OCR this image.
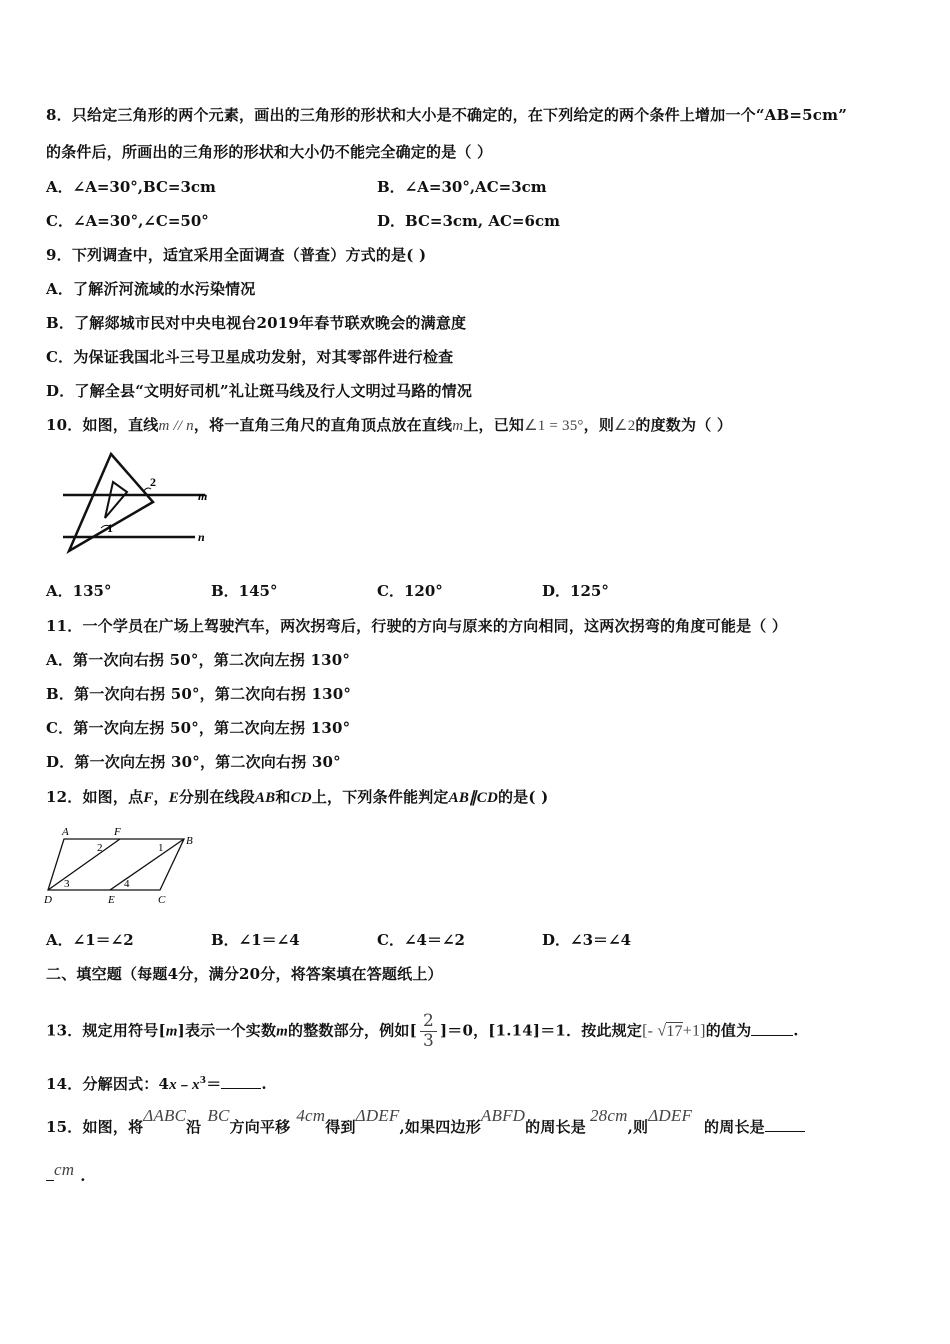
8．只给定三角形的两个元素，画出的三角形的形状和大小是不确定的，在下列给定的两个条件上增加一个“AB=5cm”
的条件后，所画出的三角形的形状和大小仍不能完全确定的是（ ）
A．∠A=30°,BC=3cm	B．∠A=30°,AC=3cm
C．∠A=30°,∠C=50°	D．BC=3cm, AC=6cm
9．下列调查中，适宜采用全面调查（普查）方式的是( )
A．了解沂河流域的水污染情况
B．了解郯城市民对中央电视台2019年春节联欢晚会的满意度
C．为保证我国北斗三号卫星成功发射，对其零部件进行检查
D．了解全县“文明好司机”礼让斑马线及行人文明过马路的情况
10．如图，直线m // n，将一直角三角尺的直角顶点放在直线m上，已知∠1 = 35°，则∠2的度数为（ ）
2
1
m
n
A．135°	B．145°	C．120°	D．125°
11．一个学员在广场上驾驶汽车，两次拐弯后，行驶的方向与原来的方向相同，这两次拐弯的角度可能是（ ）
A．第一次向右拐 50°，第二次向左拐 130°
B．第一次向右拐 50°，第二次向右拐 130°
C．第一次向左拐 50°，第二次向左拐 130°
D．第一次向左拐 30°，第二次向右拐 30°
12．如图，点F，E分别在线段AB和CD上，下列条件能判定AB∥CD的是( )
A	F
B
D	E	C
2	1
3	4
A．∠1＝∠2	B．∠1＝∠4	C．∠4＝∠2	D．∠3＝∠4
二、填空题（每题4分，满分20分，将答案填在答题纸上）
13．规定用符号[m]表示一个实数m的整数部分，例如[ $\frac{2}{3} ]=0$，[1.14]＝1．按此规定[- √17+1]的值为	.
14．分解因式：$4x﹣x^3=$	.
15．如图，将ΔABC沿BC方向平移4cm得到ΔDEF,如果四边形ABFD的周长是28cm,则ΔDEF的周长是
cm .
